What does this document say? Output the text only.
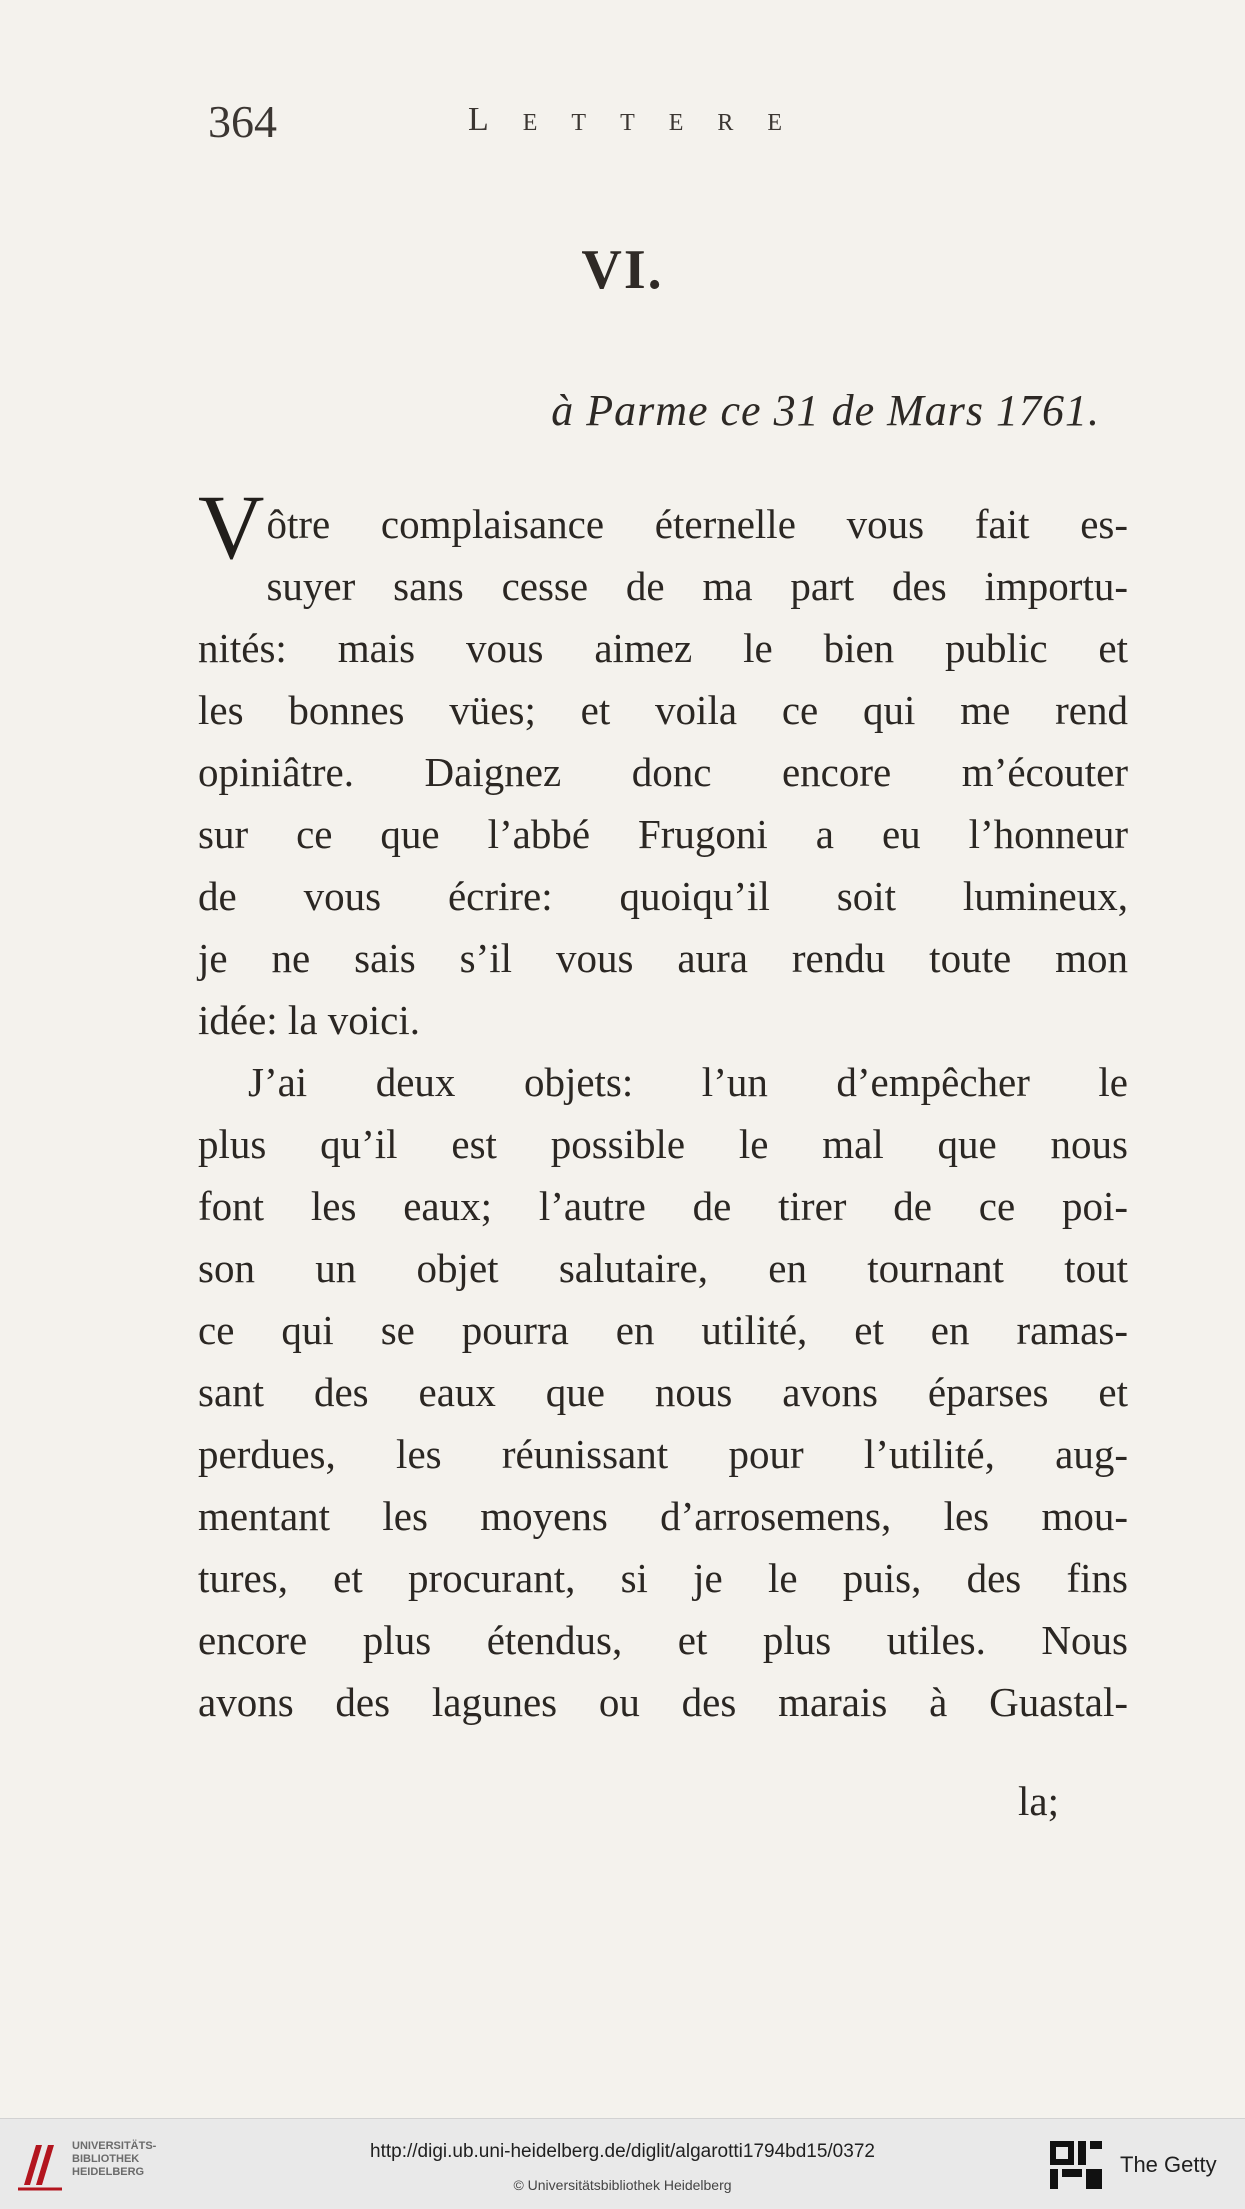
364	Lettere
VI.
à Parme ce 31 de Mars 1761.
Vôtre complaisance éternelle vous fait es-
suyer sans cesse de ma part des importu-
nités: mais vous aimez le bien public et
les bonnes vües; et voila ce qui me rend
opiniâtre. Daignez donc encore m’écouter
sur ce que l’abbé Frugoni a eu l’honneur
de vous écrire: quoiqu’il soit lumineux,
je ne sais s’il vous aura rendu toute mon
idée: la voici.
J’ai deux objets: l’un d’empêcher le
plus qu’il est possible le mal que nous
font les eaux; l’autre de tirer de ce poi-
son un objet salutaire, en tournant tout
ce qui se pourra en utilité, et en ramas-
sant des eaux que nous avons éparses et
perdues, les réunissant pour l’utilité, aug-
mentant les moyens d’arrosemens, les mou-
tures, et procurant, si je le puis, des fins
encore plus étendus, et plus utiles. Nous
avons des lagunes ou des marais à Guastal-
la;
UNIVERSITÄTS-
BIBLIOTHEK
HEIDELBERG
http://digi.ub.uni-heidelberg.de/diglit/algarotti1794bd15/0372
© Universitätsbibliothek Heidelberg
The Getty
